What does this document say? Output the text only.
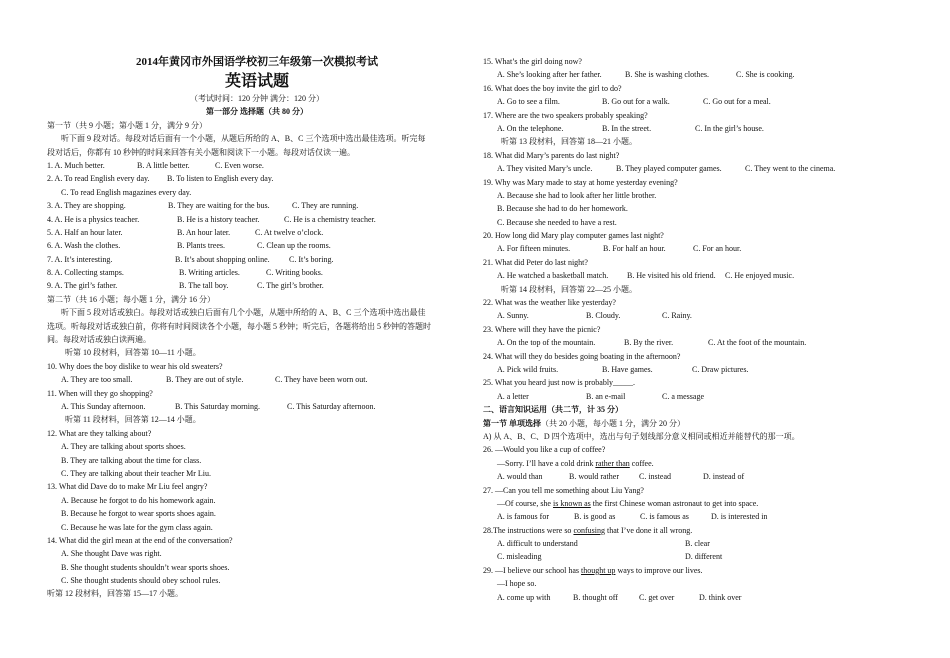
2014年黄冈市外国语学校初三年级第一次模拟考试
英语试题
（考试时间：120 分钟 满分：120 分）
第一部分 选择题（共 80 分）
第一节（共 9 小题；第小题 1 分，满分 9 分）
听下面 9 段对话。每段对话后面有一个小题，从题后所给的 A、B、C 三个选项中选出最佳选项。听完每
段对话后，你都有 10 秒钟的时间来回答有关小题和阅读下一小题。每段对话仅读一遍。
1. A. Much better.	B. A little better.	C. Even worse.
2. A. To read English every day. B. To listen to English every day.
C. To read English magazines every day.
3. A. They are shopping.	B. They are waiting for the bus.	C. They are running.
4. A. He is a physics teacher.	B. He is a history teacher.	C. He is a chemistry teacher.
5. A. Half an hour later.	B. An hour later.	C. At twelve o’clock.
6. A. Wash the clothes.	B. Plants trees.	C. Clean up the rooms.
7. A. It’s interesting.	B. It’s about shopping online. C. It’s boring.
8. A. Collecting stamps.	B. Writing articles.	C. Writing books.
9. A. The girl’s father.	B. The tall boy.	C. The girl’s brother.
第二节（共 16 小题；每小题 1 分，满分 16 分）
听下面 5 段对话或独白。每段对话或独白后面有几个小题，从题中所给的 A、B、C 三个选项中选出最佳
选项。听每段对话或独白前，你将有时间阅读各个小题，每小题 5 秒钟；听完后，各题将给出 5 秒钟的答题时
间。每段对话或独白读两遍。
听第 10 段材料，回答第 10—11 小题。
10. Why does the boy dislike to wear his old sweaters?
A. They are too small.	B. They are out of style.	C. They have been worn out.
11. When will they go shopping?
A. This Sunday afternoon.	B. This Saturday morning.	C. This Saturday afternoon.
听第 11 段材料，回答第 12—14 小题。
12. What are they talking about?
A. They are talking about sports shoes.
B. They are talking about the time for class.
C. They are talking about their teacher Mr Liu.
13. What did Dave do to make Mr Liu feel angry?
A. Because he forgot to do his homework again.
B. Because he forgot to wear sports shoes again.
C. Because he was late for the gym class again.
14. What did the girl mean at the end of the conversation?
A. She thought Dave was right.
B. She thought students shouldn’t wear sports shoes.
C. She thought students should obey school rules.
听第 12 段材料，回答第 15—17 小题。
15. What’s the girl doing now?
A. She’s looking after her father.	B. She is washing clothes.	C. She is cooking.
16. What does the boy invite the girl to do?
A. Go to see a film.	B. Go out for a walk.	C. Go out for a meal.
17. Where are the two speakers probably speaking?
A. On the telephone.	B. In the street.	C. In the girl’s house.
听第 13 段材料，回答第 18—21 小题。
18. What did Mary’s parents do last night?
A. They visited Mary’s uncle.	B. They played computer games.	C. They went to the cinema.
19. Why was Mary made to stay at home yesterday evening?
A. Because she had to look after her little brother.
B. Because she had to do her homework.
C. Because she needed to have a rest.
20. How long did Mary play computer games last night?
A. For fifteen minutes.	B. For half an hour.	C. For an hour.
21. What did Peter do last night?
A. He watched a basketball match. B. He visited his old friend. C. He enjoyed music.
听第 14 段材料，回答第 22—25 小题。
22. What was the weather like yesterday?
A. Sunny.	B. Cloudy.	C. Rainy.
23. Where will they have the picnic?
A. On the top of the mountain.	B. By the river.	C. At the foot of the mountain.
24. What will they do besides going boating in the afternoon?
A. Pick wild fruits.	B. Have games.	C. Draw pictures.
25. What you heard just now is probably_____.
A. a letter	B. an e-mail	C. a message
二、语言知识运用（共二节，计 35 分）
第一节 单项选择（共 20 小题，每小题 1 分，满分 20 分）
A) 从 A、B、C、D 四个选项中，选出与句子划线部分意义相同或相近并能替代的那一项。
26. —Would you like a cup of coffee?
—Sorry. I’ll have a cold drink rather than coffee.
A. would than	B. would rather	C. instead	D. instead of
27. —Can you tell me something about Liu Yang?
—Of course, she is known as the first Chinese woman astronaut to get into space.
A. is famous for	B. is good as	C. is famous as	D. is interested in
28.The instructions were so confusing that I’ve done it all wrong.
A. difficult to understand	B. clear
C. misleading	D. different
29. —I believe our school has thought up ways to improve our lives.
—I hope so.
A. come up with	B. thought off	C. get over	D. think over
